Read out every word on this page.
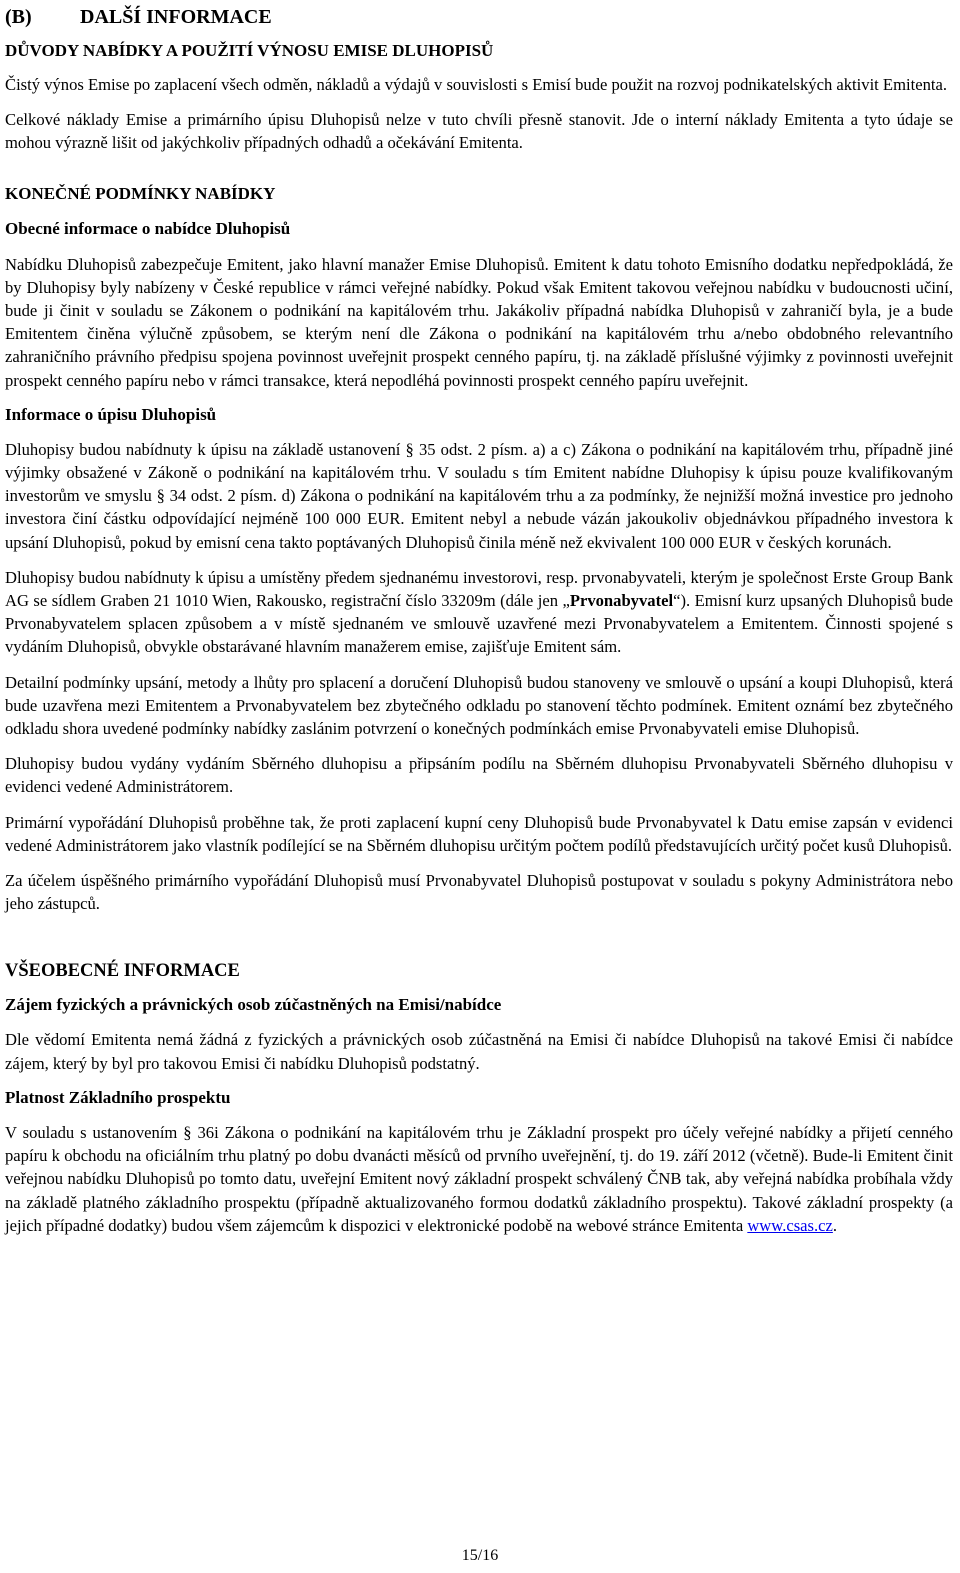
(B)	DALŠÍ INFORMACE
DŮVODY NABÍDKY A POUŽITÍ VÝNOSU EMISE DLUHOPISŮ

Čistý výnos Emise po zaplacení všech odměn, nákladů a výdajů v souvislosti s Emisí bude použit na rozvoj podnikatelských aktivit Emitenta.

Celkové náklady Emise a primárního úpisu Dluhopisů nelze v tuto chvíli přesně stanovit. Jde o interní náklady Emitenta a tyto údaje se mohou výrazně lišit od jakýchkoliv případných odhadů a očekávání Emitenta.

KONEČNÉ PODMÍNKY NABÍDKY
Obecné informace o nabídce Dluhopisů

Nabídku Dluhopisů zabezpečuje Emitent, jako hlavní manažer Emise Dluhopisů. Emitent k datu tohoto Emisního dodatku nepředpokládá, že by Dluhopisy byly nabízeny v České republice v rámci veřejné nabídky. Pokud však Emitent takovou veřejnou nabídku v budoucnosti učiní, bude ji činit v souladu se Zákonem o podnikání na kapitálovém trhu. Jakákoliv případná nabídka Dluhopisů v zahraničí byla, je a bude Emitentem činěna výlučně způsobem, se kterým není dle Zákona o podnikání na kapitálovém trhu a/nebo obdobného relevantního zahraničního právního předpisu spojena povinnost uveřejnit prospekt cenného papíru, tj. na základě příslušné výjimky z povinnosti uveřejnit prospekt cenného papíru nebo v rámci transakce, která nepodléhá povinnosti prospekt cenného papíru uveřejnit.

Informace o úpisu Dluhopisů

Dluhopisy budou nabídnuty k úpisu na základě ustanovení § 35 odst. 2 písm. a) a c) Zákona o podnikání na kapitálovém trhu, případně jiné výjimky obsažené v Zákoně o podnikání na kapitálovém trhu. V souladu s tím Emitent nabídne Dluhopisy k úpisu pouze kvalifikovaným investorům ve smyslu § 34 odst. 2 písm. d) Zákona o podnikání na kapitálovém trhu a za podmínky, že nejnižší možná investice pro jednoho investora činí částku odpovídající nejméně 100 000 EUR. Emitent nebyl a nebude vázán jakoukoliv objednávkou případného investora k upsání Dluhopisů, pokud by emisní cena takto poptávaných Dluhopisů činila méně než ekvivalent 100 000 EUR v českých korunách.

Dluhopisy budou nabídnuty k úpisu a umístěny předem sjednanému investorovi, resp. prvonabyvateli, kterým je společnost Erste Group Bank AG se sídlem Graben 21 1010 Wien, Rakousko, registrační číslo 33209m (dále jen „Prvonabyvatel“). Emisní kurz upsaných Dluhopisů bude Prvonabyvatelem splacen způsobem a v místě sjednaném ve smlouvě uzavřené mezi Prvonabyvatelem a Emitentem. Činnosti spojené s vydáním Dluhopisů, obvykle obstarávané hlavním manažerem emise, zajišťuje Emitent sám.

Detailní podmínky upsání, metody a lhůty pro splacení a doručení Dluhopisů budou stanoveny ve smlouvě o upsání a koupi Dluhopisů, která bude uzavřena mezi Emitentem a Prvonabyvatelem bez zbytečného odkladu po stanovení těchto podmínek. Emitent oznámí bez zbytečného odkladu shora uvedené podmínky nabídky zaslánim potvrzení o konečných podmínkách emise Prvonabyvateli emise Dluhopisů.

Dluhopisy budou vydány vydáním Sběrného dluhopisu a připsáním podílu na Sběrném dluhopisu Prvonabyvateli Sběrného dluhopisu v evidenci vedené Administrátorem.

Primární vypořádání Dluhopisů proběhne tak, že proti zaplacení kupní ceny Dluhopisů bude Prvonabyvatel k Datu emise zapsán v evidenci vedené Administrátorem jako vlastník podílející se na Sběrném dluhopisu určitým počtem podílů představujících určitý počet kusů Dluhopisů.

Za účelem úspěšného primárního vypořádání Dluhopisů musí Prvonabyvatel Dluhopisů postupovat v souladu s pokyny Administrátora nebo jeho zástupců.

VŠEOBECNÉ INFORMACE
Zájem fyzických a právnických osob zúčastněných na Emisi/nabídce

Dle vědomí Emitenta nemá žádná z fyzických a právnických osob zúčastněná na Emisi či nabídce Dluhopisů na takové Emisi či nabídce zájem, který by byl pro takovou Emisi či nabídku Dluhopisů podstatný.

Platnost Základního prospektu

V souladu s ustanovením § 36i Zákona o podnikání na kapitálovém trhu je Základní prospekt pro účely veřejné nabídky a přijetí cenného papíru k obchodu na oficiálním trhu platný po dobu dvanácti měsíců od prvního uveřejnění, tj. do 19. září 2012 (včetně). Bude-li Emitent činit veřejnou nabídku Dluhopisů po tomto datu, uveřejní Emitent nový základní prospekt schválený ČNB tak, aby veřejná nabídka probíhala vždy na základě platného základního prospektu (případně aktualizovaného formou dodatků základního prospektu). Takové základní prospekty (a jejich případné dodatky) budou všem zájemcům k dispozici v elektronické podobě na webové stránce Emitenta www.csas.cz.

15/16
